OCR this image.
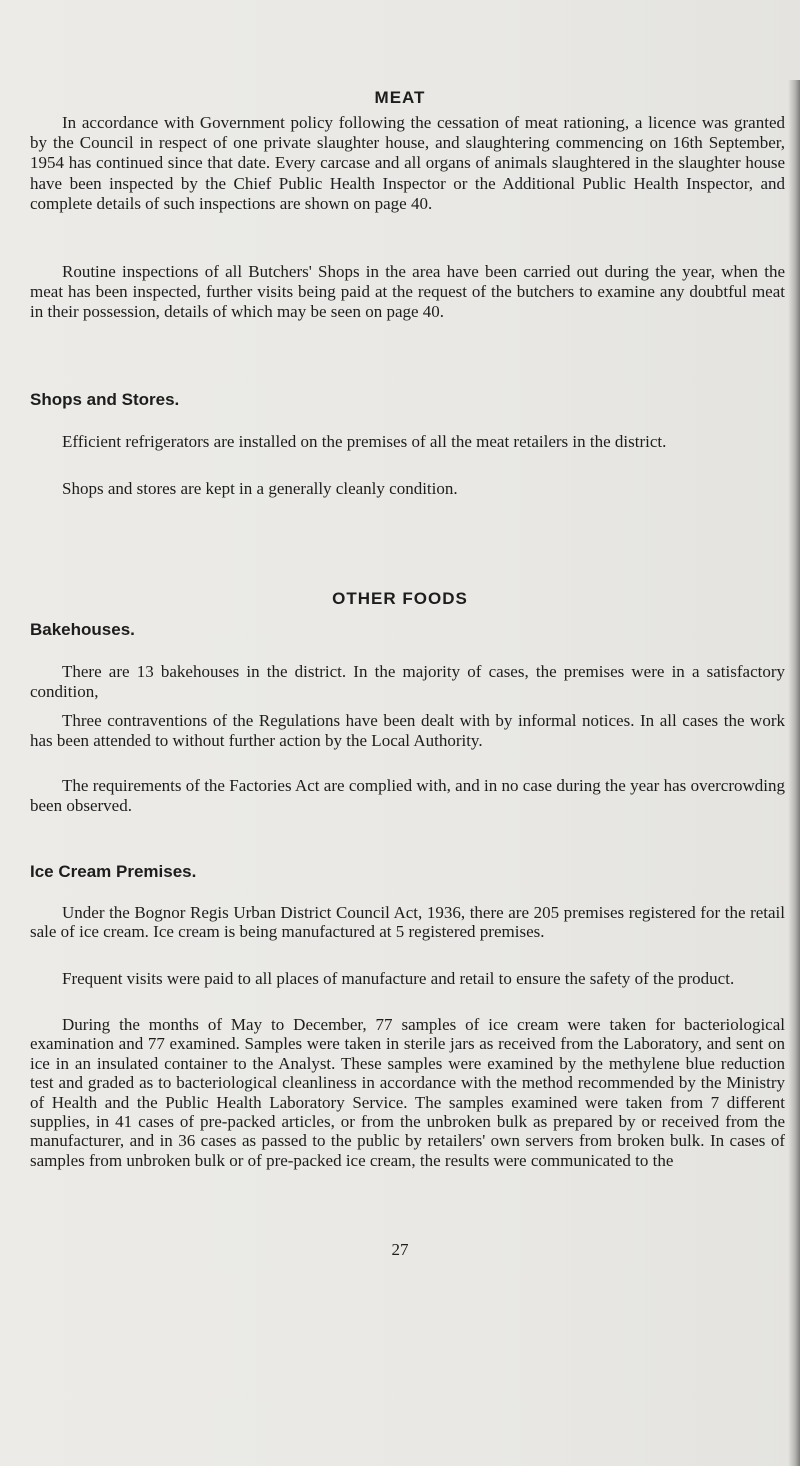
MEAT

In accordance with Government policy following the cessation of meat rationing, a licence was granted by the Council in respect of one private slaughter house, and slaughtering commencing on 16th September, 1954 has continued since that date. Every carcase and all organs of animals slaughtered in the slaughter house have been inspected by the Chief Public Health Inspector or the Additional Public Health Inspector, and complete details of such inspections are shown on page 40.

Routine inspections of all Butchers' Shops in the area have been carried out during the year, when the meat has been inspected, further visits being paid at the request of the butchers to examine any doubtful meat in their possession, details of which may be seen on page 40.

Shops and Stores.

Efficient refrigerators are installed on the premises of all the meat retailers in the district.

Shops and stores are kept in a generally cleanly condition.

OTHER FOODS
Bakehouses.

There are 13 bakehouses in the district. In the majority of cases, the premises were in a satisfactory condition,

Three contraventions of the Regulations have been dealt with by informal notices. In all cases the work has been attended to without further action by the Local Authority.

The requirements of the Factories Act are complied with, and in no case during the year has overcrowding been observed.

Ice Cream Premises.

Under the Bognor Regis Urban District Council Act, 1936, there are 205 premises registered for the retail sale of ice cream. Ice cream is being manufactured at 5 registered premises.

Frequent visits were paid to all places of manufacture and retail to ensure the safety of the product.

During the months of May to December, 77 samples of ice cream were taken for bacteriological examination and 77 examined. Samples were taken in sterile jars as received from the Laboratory, and sent on ice in an insulated container to the Analyst. These samples were examined by the methylene blue reduction test and graded as to bacteriological cleanliness in accordance with the method recommended by the Ministry of Health and the Public Health Laboratory Service. The samples examined were taken from 7 different supplies, in 41 cases of pre-packed articles, or from the unbroken bulk as prepared by or received from the manufacturer, and in 36 cases as passed to the public by retailers' own servers from broken bulk. In cases of samples from unbroken bulk or of pre-packed ice cream, the results were communicated to the

27
